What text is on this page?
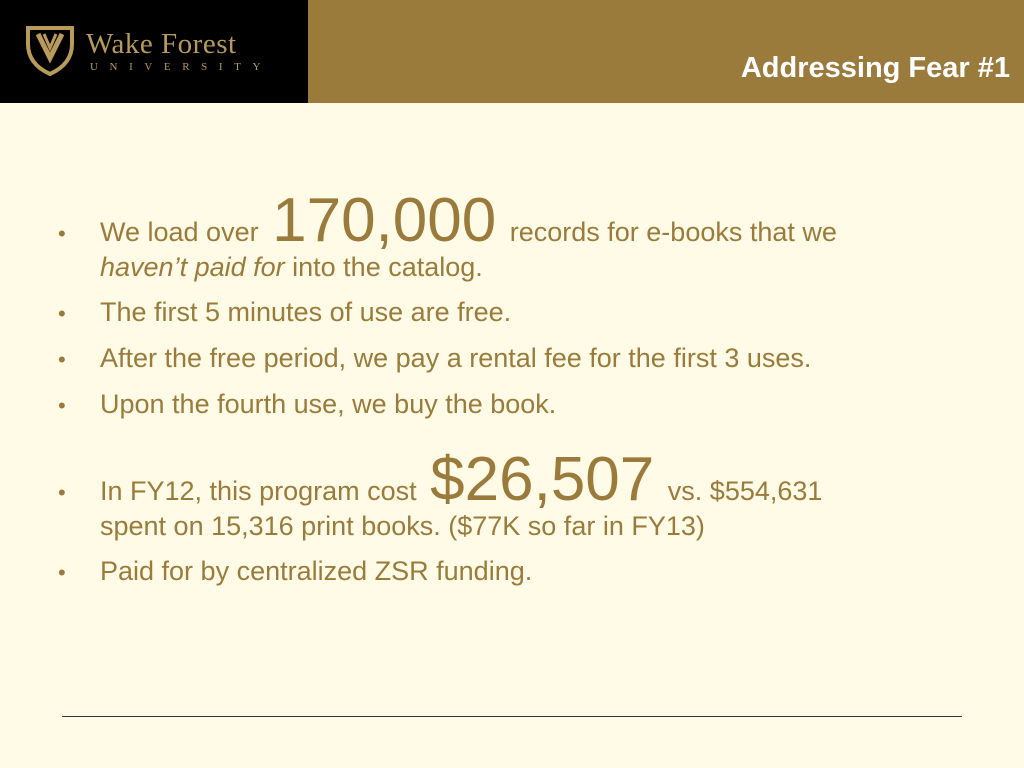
Wake Forest
UNIVERSITY	Addressing Fear #1
•	We load over 170,000 records for e-books that we
haven’t paid for into the catalog.
•	The first 5 minutes of use are free.
•	After the free period, we pay a rental fee for the first 3 uses.
•	Upon the fourth use, we buy the book.
•	In FY12, this program cost $26,507 vs. $554,631
spent on 15,316 print books. ($77K so far in FY13)
•	Paid for by centralized ZSR funding.
